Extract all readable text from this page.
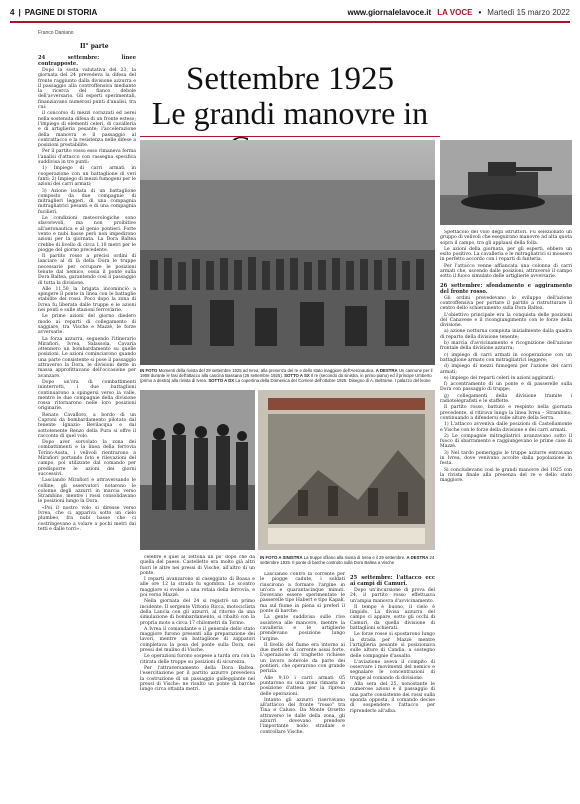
4 | PAGINE DI STORIA	www.giornalelavoce.it LA VOCE • Martedì 15 marzo 2022
Franco Daniano
II° parte
Settembre 1925
Le grandi manovre in

24 settembre: linee contrapposte.

Dopo la sosta valutativa del 23, la giornata del 24 prevedeva la difesa del fronte raggiunto dalla divisione azzurra e il passaggio alla controffensiva mediante la ricerca del fianco debole dell'avversario. Gli esperti sperimentali, finanziavano numerosi punti d'analisi, tra cui:

il concorso di mezzi corazzati ed aerei nella sostenuta difesa di un fronte esteso; l'impiego di elementi celeri, di cavalleria e di artiglieria pesante; l'accelerazione della manovra e il passaggio al contrattacco e la resistenza nelle difese a posizioni prestabilite.

Per il partito rosso esso rimaneva ferma l'analisi d'attacco con rassegna specifica suddivisa in tre punti:

1) Impiego di carri armati in cooperazione con un battaglione di veri fanti; 2) Impiego di mezzi fumogeni per le azioni dei carri armati;

3) Azione isolata di un battaglione composto da due compagnie di mitraglieri leggeri, di una compagnia mitragliatrici pesanti e di una compagnia fucilieri.

Le condizioni meteorologiche sono sfavorevoli, ma non proibitive all'aeronautica e al genio pontieri. Forte vento e nubi basse però non impedirono azioni per la giornata. La Dora Baltea crebbe di livello di circa 1,10 metri per le piogge del giorno precedente.

Il partito rosso a precisi ordini di lanciare al di là della Dora le truppe necessarie per occupare le posizioni tenute dal nemico, ossia il ponte sulla Dora Baltea, garantendo così il passaggio di tutta la divisione.

Alle 11,50 la brigata incominciò a spingere il ponte in linea con le battaglie stabilite dei rossi. Poco dopo la zona di Ivrea fu liberata dalle truppe e le azioni nei ponti e sulle stazioni ferroviarie.

Le prime azioni del giorno diedero modo ai reparti di collegamento di saggiare, tra Vische e Mazzè, le forze avversarie.

La forza azzurra, seguendo l'itinerario Mirafiori, Ivrea, Salassola, Cavaria ottennero un bombardamento su quelle posizioni. Le azioni cominciarono quando una parte consistente si pose il passaggio attraverso la Dora, le divisioni dette in massa approfittavano dell'occasione per avanzare.

Dopo un'ora di combattimenti ininterrotti, i due battaglioni continuarono a spingersi verso la valle, mentre le due compagnie della divisione rossa ritornarono nelle loro posizioni originarie.

Renato Cavalloro, a bordo di un Caproni da bombardamento pilotato dal tenente Ignazio Bevilacqua e dal sottotenente Renzo della Pura si offre il racconto di quel volo.

Dopo aver sorvolato la zona dei combattimenti e la linea della ferrovia Torino-Aosta, i velivoli rientrarono a Mirafiori portando foto e rilevazioni del campo, poi utilizzate dal comando per predisporre le azioni dei giorni successivi.

Lasciando Mirafiori e attraversando le colline, gli osservatori notarono le colonne degli azzurri in marcia verso Strambino, mentre i rossi consolidavano le posizioni lungo la Dora.

«Poi il nostro volo si diresse verso Ivrea, che ci appariva sotto un cielo plumbeo, fra nubi basse che ci costringevano a volare a pochi metri dai tetti e dalle torri».

IN FOTO Momenti della rivista del 29 settembre 1925 ad Ivrea, alla presenza del re e dello stato maggiore dell'Aeronautica. A DESTRA Un cannone per il 1908 durante le fasi dell'attacco alla cascina Bassana (26 settembre 1925). SOTTO A SX Il re (secondo da sinistra, in primo piano) ed il principe Umberto (primo a destra) alla rivista di Ivrea. SOTTO A DX La copertina della Domenica del Corriere dell'ottobre 1925. Disegno di A. Beltrame. I palazzo del leone

Spettacolo del volo degli istruttori. Fu selezionato un gruppo di velivoli che eseguirono manovre ad alta quota sopra il campo, tra gli applausi della folla.

Le azioni della giornata, per gli esperti, ebbero un esito positivo. La cavalleria e le mitragliatrici si mossero in perfetto accordo con i reparti di fanteria.

Per l'attacco venne affiancata una colonna di carri armati che, uscendo dalle posizioni, attraversò il campo sotto il fuoco simulato delle artiglierie avversarie.

26 settembre: sfondamento e aggiramento del fronte rosso.

Gli ordini prevedevano lo sviluppo dell'azione controffensiva per portare il partito a ristrutturare il centro dello schieramento sulla Dora Baltea.

L'obiettivo principale era la conquista delle posizioni del Canavese e il ricongiungimento con le forze della divisione.

a) azione notturna compiuta inizialmente dalla quadra di reparto della divisione tenente;

b) marcia d'avvicinamento e ricognizione dell'azione frontale della divisione azzurra;

c) impiego di carri armati in cooperazione con un battaglione armato con mitragliatrici leggere;

d) impiego di mezzi fumogeni per l'azione dei carri armati;

e) impiego dei reparti celeri in azioni aggiranti;

f) accentramento di un ponte e di passerelle sulla Dora con passaggio di truppe;

g) collegamenti della divisione tramite i radiotelegrafisti e le staffette.

Il partito rosso, battuto e respinto nella giornata precedente, si ritirava lungo la linea Ivrea – Strambino, continuando a difendersi sulle alture della Serra.

1) L'attacco avveniva dalle posizioni di Castellamonte e Vische con le forze della divisione e dei carri armati.

2) Le compagnie mitragliatrici avanzavano sotto il fuoco di sbarramento e raggiungevano le prime case di Mazzè.

3) Nel tardo pomeriggio le truppe azzurre entravano in Ivrea, dove venivano accolte dalla popolazione in festa.

Si concludevano così le grandi manovre del 1925 con la rivista finale alla presenza del re e dello stato maggiore.

IN FOTO A SINISTRA La truppe sfilano alla rivista di Ivrea e il 29 settembre. A DESTRA 24 settembre 1925. Il ponte di barche costruito sulla Dora Baltea a Vische

celebre e quel al Tettona un po' dopo che da quella del paese. Castelletto era molto già altri fuori le altre nei pressi di Vische, all'altro di un ponte.

I reparti avanzarono al caseggiato di Boasa e alle ore 12 la strada fu sgombra. Lo scontro maggiore si svolse a una rotaia della ferrovia, e poi verso Mazzè.

Nella giornata del 24 si registrò un primo incidente. Il sergente Vittorio Ricca, motociclista della Lancia con gli azzurri, al ritorno da una simulazione di bombardamento, si ribaltò con la propria moto a circa 17 chilometri da Torino.

A Ivrea il comandante e il generale dello stato maggiore furono presenti alla preparazione dei lavori, mentre un battaglione di zappatori completava la posa del ponte sulla Dora, nei pressi del mulino di Vische.

Le operazioni furono sospese a tarda ora con la ritirata delle truppe su posizioni di sicurezza.

Per l'attraversamento della Dora Baltea, l'esercitazione per il partito azzurro prevedeva la costruzione di un passaggio galleggiante nei pressi di Vische: ne risultò un ponte di barche lungo circa ottanta metri.

Lasciando contro la corrente per le piogge cadute, i soldati riuscirono a formare l'argine in un'ora e quarantacinque minuti. Dovevano essere sperimentate le passerelle tipo Habert e tipo Kapak, ma sul fiume in piena si preferì il ponte di barche.

La gente suddivisa sulle rive assisteva alle manovre, mentre la cavalleria e le artiglierie prendevano posizione lungo l'argine.

Il livello del fiume era intorno ai due metri e la corrente assai forte. L'operazione di traghetto richiese un lavoro notevole da parte dei pontieri, che operarono con grande perizia.

Alle 9,10 i carri armati 05 puntarono su una zona rimasta in posizione d'attesa per la ripresa delle operazioni.

Intanto gli azzurri riservavano all'attacco del fronte "rosso" tra Tina e Caluso. Da Monte Orsetto attraverso le dalle della zona, gli azzurri dovevano prendere l'importante nodo stradale e controllare Vische.

25 settembre: l'attacco ecc ai campi di Camuri.

Dopo un'incursione di prova del 24, il partito rosso effettuava un'ampia manovra d'avvicinamento.

Il tempo è buono, il cielo è limpido. La divisa azzurra del campo ci appare, sotto gli occhi di Camuri, da quella divisione di battaglioni schierati.

Le forze rosse si spostarono lungo la strada per Mazzè mentre l'artiglieria pesante si posizionava sulle alture di Candia, a sostegno delle compagnie d'assalto.

L'aviazione aveva il compito di osservare i movimenti del nemico e segnalare le concentrazioni di truppe al comando di divisione.

Alla sera del 25, nonostante le numerose azioni e il passaggio di una parte consistente dei rossi sulla sponda opposta, il comando decise di sospendere l'attacco per riprenderlo all'alba.
